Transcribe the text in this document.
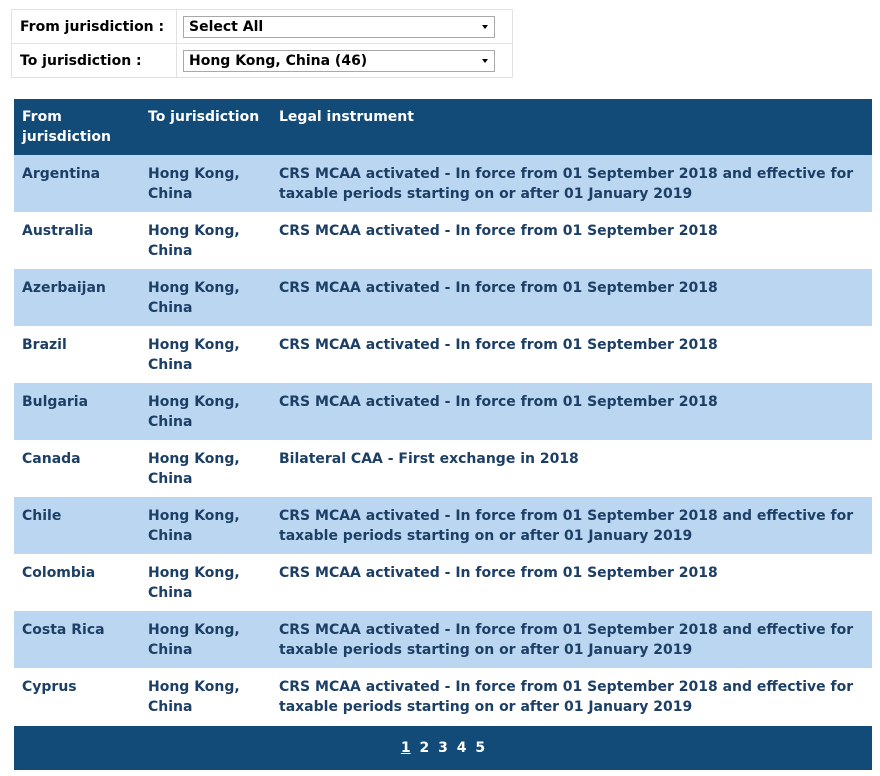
From jurisdiction :	Select All

To jurisdiction :	Hong Kong, China (46)
From jurisdiction	To jurisdiction	Legal instrument
Argentina	Hong Kong, China	CRS MCAA activated - In force from 01 September 2018 and effective for taxable periods starting on or after 01 January 2019
Australia	Hong Kong, China	CRS MCAA activated - In force from 01 September 2018
Azerbaijan	Hong Kong, China	CRS MCAA activated - In force from 01 September 2018
Brazil	Hong Kong, China	CRS MCAA activated - In force from 01 September 2018
Bulgaria	Hong Kong, China	CRS MCAA activated - In force from 01 September 2018
Canada	Hong Kong, China	Bilateral CAA - First exchange in 2018
Chile	Hong Kong, China	CRS MCAA activated - In force from 01 September 2018 and effective for taxable periods starting on or after 01 January 2019
Colombia	Hong Kong, China	CRS MCAA activated - In force from 01 September 2018
Costa Rica	Hong Kong, China	CRS MCAA activated - In force from 01 September 2018 and effective for taxable periods starting on or after 01 January 2019
Cyprus	Hong Kong, China	CRS MCAA activated - In force from 01 September 2018 and effective for taxable periods starting on or after 01 January 2019
1 2 3 4 5
